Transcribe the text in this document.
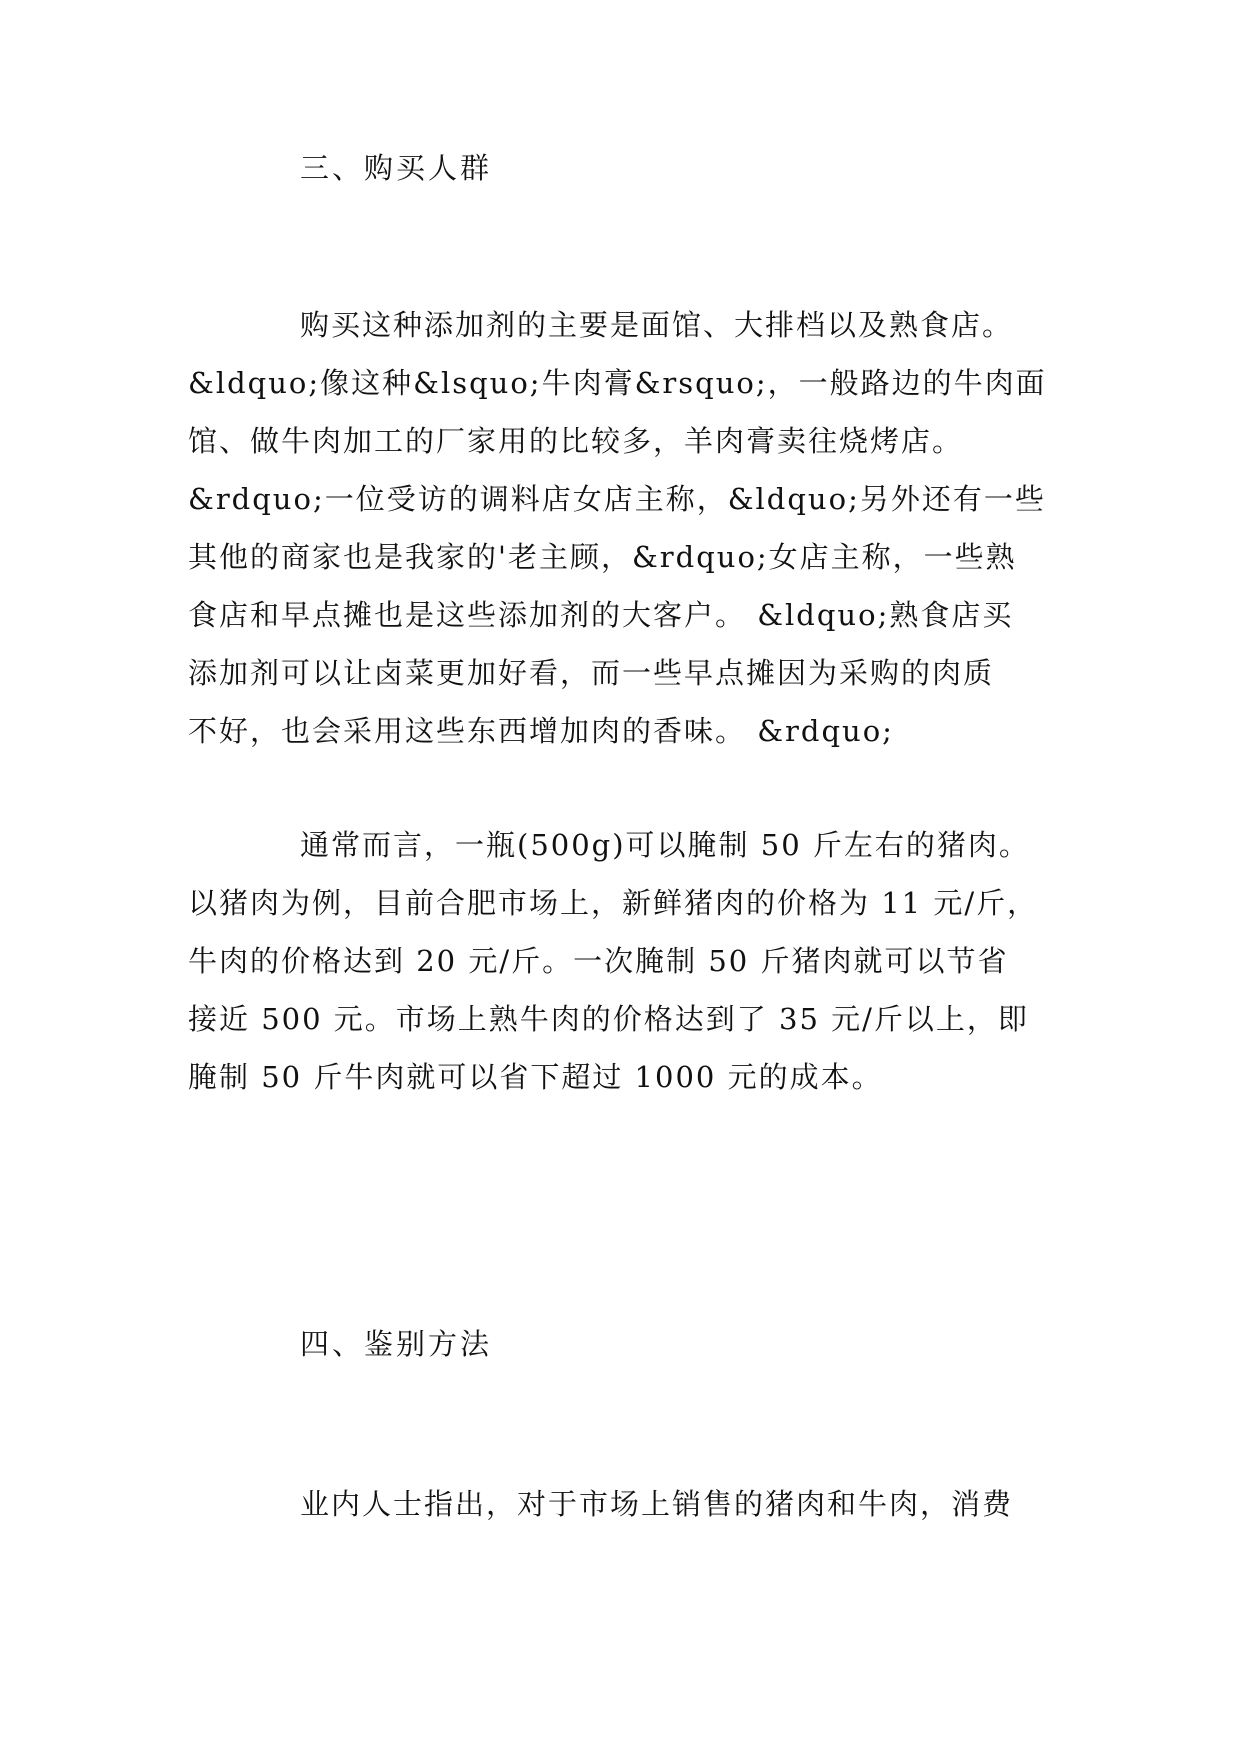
三、购买人群
购买这种添加剂的主要是面馆、大排档以及熟食店。
&ldquo;像这种&lsquo;牛肉膏&rsquo;，一般路边的牛肉面
馆、做牛肉加工的厂家用的比较多，羊肉膏卖往烧烤店。
&rdquo;一位受访的调料店女店主称，&ldquo;另外还有一些
其他的商家也是我家的'老主顾，&rdquo;女店主称，一些熟
食店和早点摊也是这些添加剂的大客户。 &ldquo;熟食店买
添加剂可以让卤菜更加好看，而一些早点摊因为采购的肉质
不好，也会采用这些东西增加肉的香味。 &rdquo;
通常而言，一瓶(500g)可以腌制 50 斤左右的猪肉。
以猪肉为例，目前合肥市场上，新鲜猪肉的价格为 11 元/斤，
牛肉的价格达到 20 元/斤。一次腌制 50 斤猪肉就可以节省
接近 500 元。市场上熟牛肉的价格达到了 35 元/斤以上，即
腌制 50 斤牛肉就可以省下超过 1000 元的成本。
四、鉴别方法
业内人士指出，对于市场上销售的猪肉和牛肉，消费
